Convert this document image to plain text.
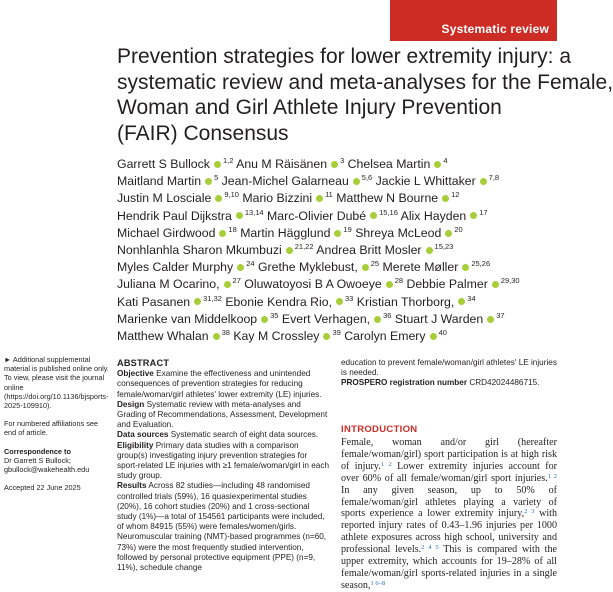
Systematic review
Prevention strategies for lower extremity injury: a
systematic review and meta-analyses for the Female,
Woman and Girl Athlete Injury Prevention
(FAIR) Consensus
Garrett S Bullock $^{1,2}$ Anu M Räisänen $^3$ Chelsea Martin $^4$
Maitland Martin $^5$ Jean-Michel Galarneau $^{5,6}$ Jackie L Whittaker $^{7,8}$
Justin M Losciale $^{9,10}$ Mario Bizzini $^{11}$ Matthew N Bourne $^{12}$
Hendrik Paul Dijkstra $^{13,14}$ Marc-Olivier Dubé $^{15,16}$ Alix Hayden $^{17}$
Michael Girdwood $^{18}$ Martin Hägglund $^{19}$ Shreya McLeod $^{20}$
Nonhlanhla Sharon Mkumbuzi $^{21,22}$ Andrea Britt Mosler $^{15,23}$
Myles Calder Murphy $^{24}$ Grethe Myklebust, $^{25}$ Merete Møller $^{25,26}$
Juliana M Ocarino, $^{27}$ Oluwatoyosi B A Owoeye $^{28}$ Debbie Palmer $^{29,30}$
Kati Pasanen $^{31,32}$ Ebonie Kendra Rio, $^{33}$ Kristian Thorborg, $^{34}$
Marienke van Middelkoop $^{35}$ Evert Verhagen, $^{36}$ Stuart J Warden $^{37}$
Matthew Whalan $^{38}$ Kay M Crossley $^{39}$ Carolyn Emery $^{40}$

► Additional supplemental material is published online only. To view, please visit the journal online (https://doi.org/10.1136/bjsports-2025-109910).

For numbered affiliations see end of article.

Correspondence to
Dr Garrett S Bullock;
gbullock@wakehealth.edu

Accepted 22 June 2025

ABSTRACT

Objective Examine the effectiveness and unintended consequences of prevention strategies for reducing female/woman/girl athletes' lower extremity (LE) injuries.

Design Systematic review with meta-analyses and Grading of Recommendations, Assessment, Development and Evaluation.

Data sources Systematic search of eight data sources.

Eligibility Primary data studies with a comparison group(s) investigating injury prevention strategies for sport-related LE injuries with ≥1 female/woman/girl in each study group.

Results Across 82 studies—including 48 randomised controlled trials (59%), 16 quasiexperimental studies (20%), 16 cohort studies (20%) and 1 cross-sectional study (1%)—a total of 154561 participants were included, of whom 84915 (55%) were females/women/girls. Neuromuscular training (NMT)-based programmes (n=60, 73%) were the most frequently studied intervention, followed by personal protective equipment (PPE) (n=9, 11%), schedule change

education to prevent female/woman/girl athletes' LE injuries is needed.

PROSPERO registration number CRD42024486715.

INTRODUCTION

Female, woman and/or girl (hereafter female/woman/girl) sport participation is at high risk of injury.$^{1 2}$ Lower extremity injuries account for over 60% of all female/woman/girl sport injuries.$^{1 2}$ In any given season, up to 50% of female/woman/girl athletes playing a variety of sports experience a lower extremity injury,$^{2 3}$ with reported injury rates of 0.43–1.96 injuries per 1000 athlete exposures across high school, university and professional levels.$^{2 4 5}$ This is compared with the upper extremity, which accounts for 19–28% of all female/woman/girl sports-related injuries in a single season,$^{1 6-8}$
